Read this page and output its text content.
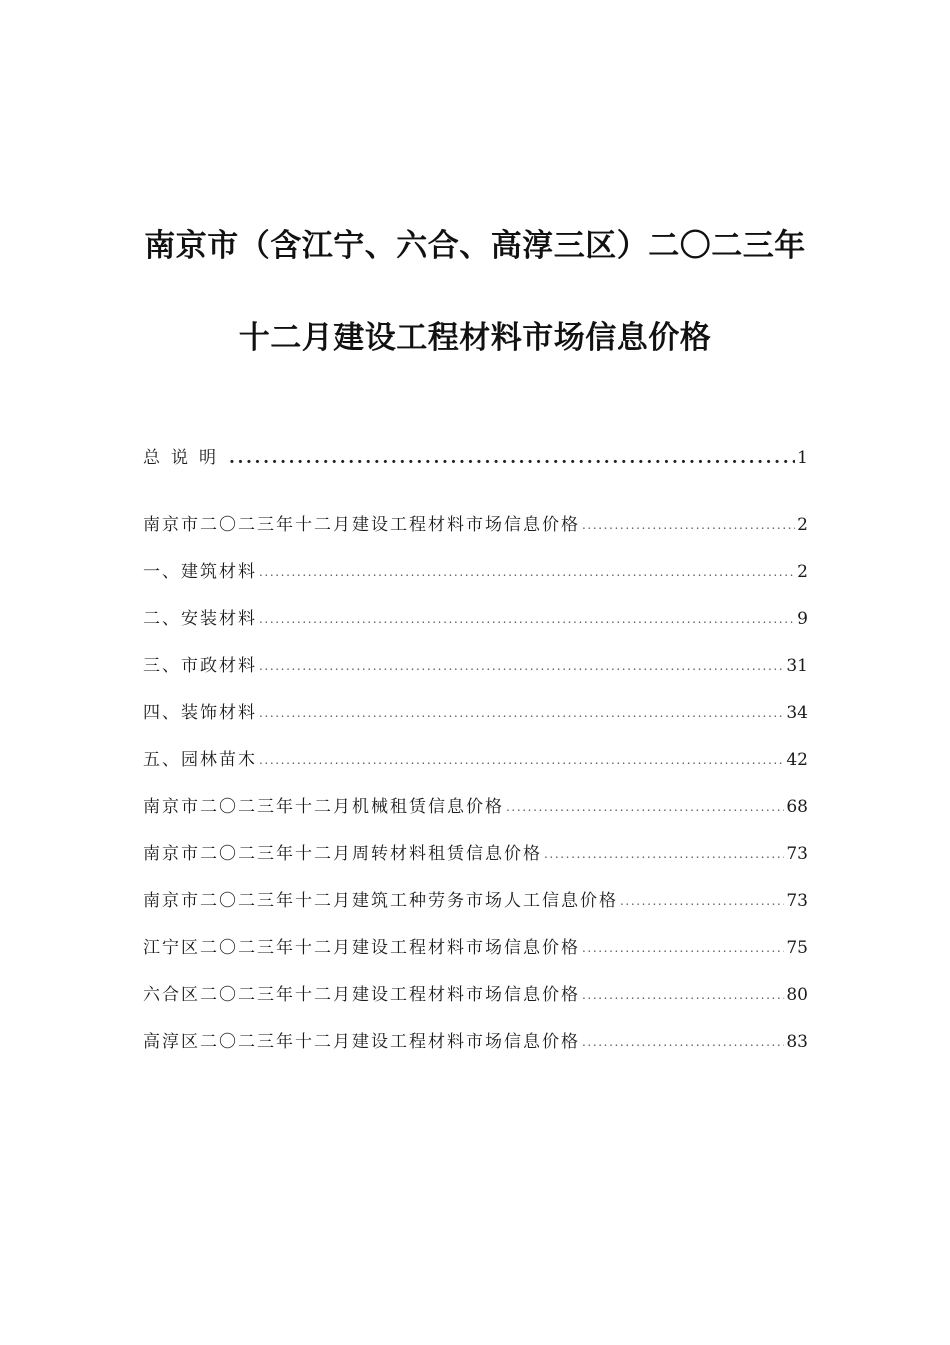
南京市（含江宁、六合、高淳三区）二〇二三年
十二月建设工程材料市场信息价格
总说明 .....	1
南京市二〇二三年十二月建设工程材料市场信息价格 .....	2
一、建筑材料 .....	2
二、安装材料 .....	9
三、市政材料 .....	31
四、装饰材料 .....	34
五、园林苗木 .....	42
南京市二〇二三年十二月机械租赁信息价格 .....	68
南京市二〇二三年十二月周转材料租赁信息价格 .....	73
南京市二〇二三年十二月建筑工种劳务市场人工信息价格 .....	73
江宁区二〇二三年十二月建设工程材料市场信息价格 .....	75
六合区二〇二三年十二月建设工程材料市场信息价格 .....	80
高淳区二〇二三年十二月建设工程材料市场信息价格 .....	83
